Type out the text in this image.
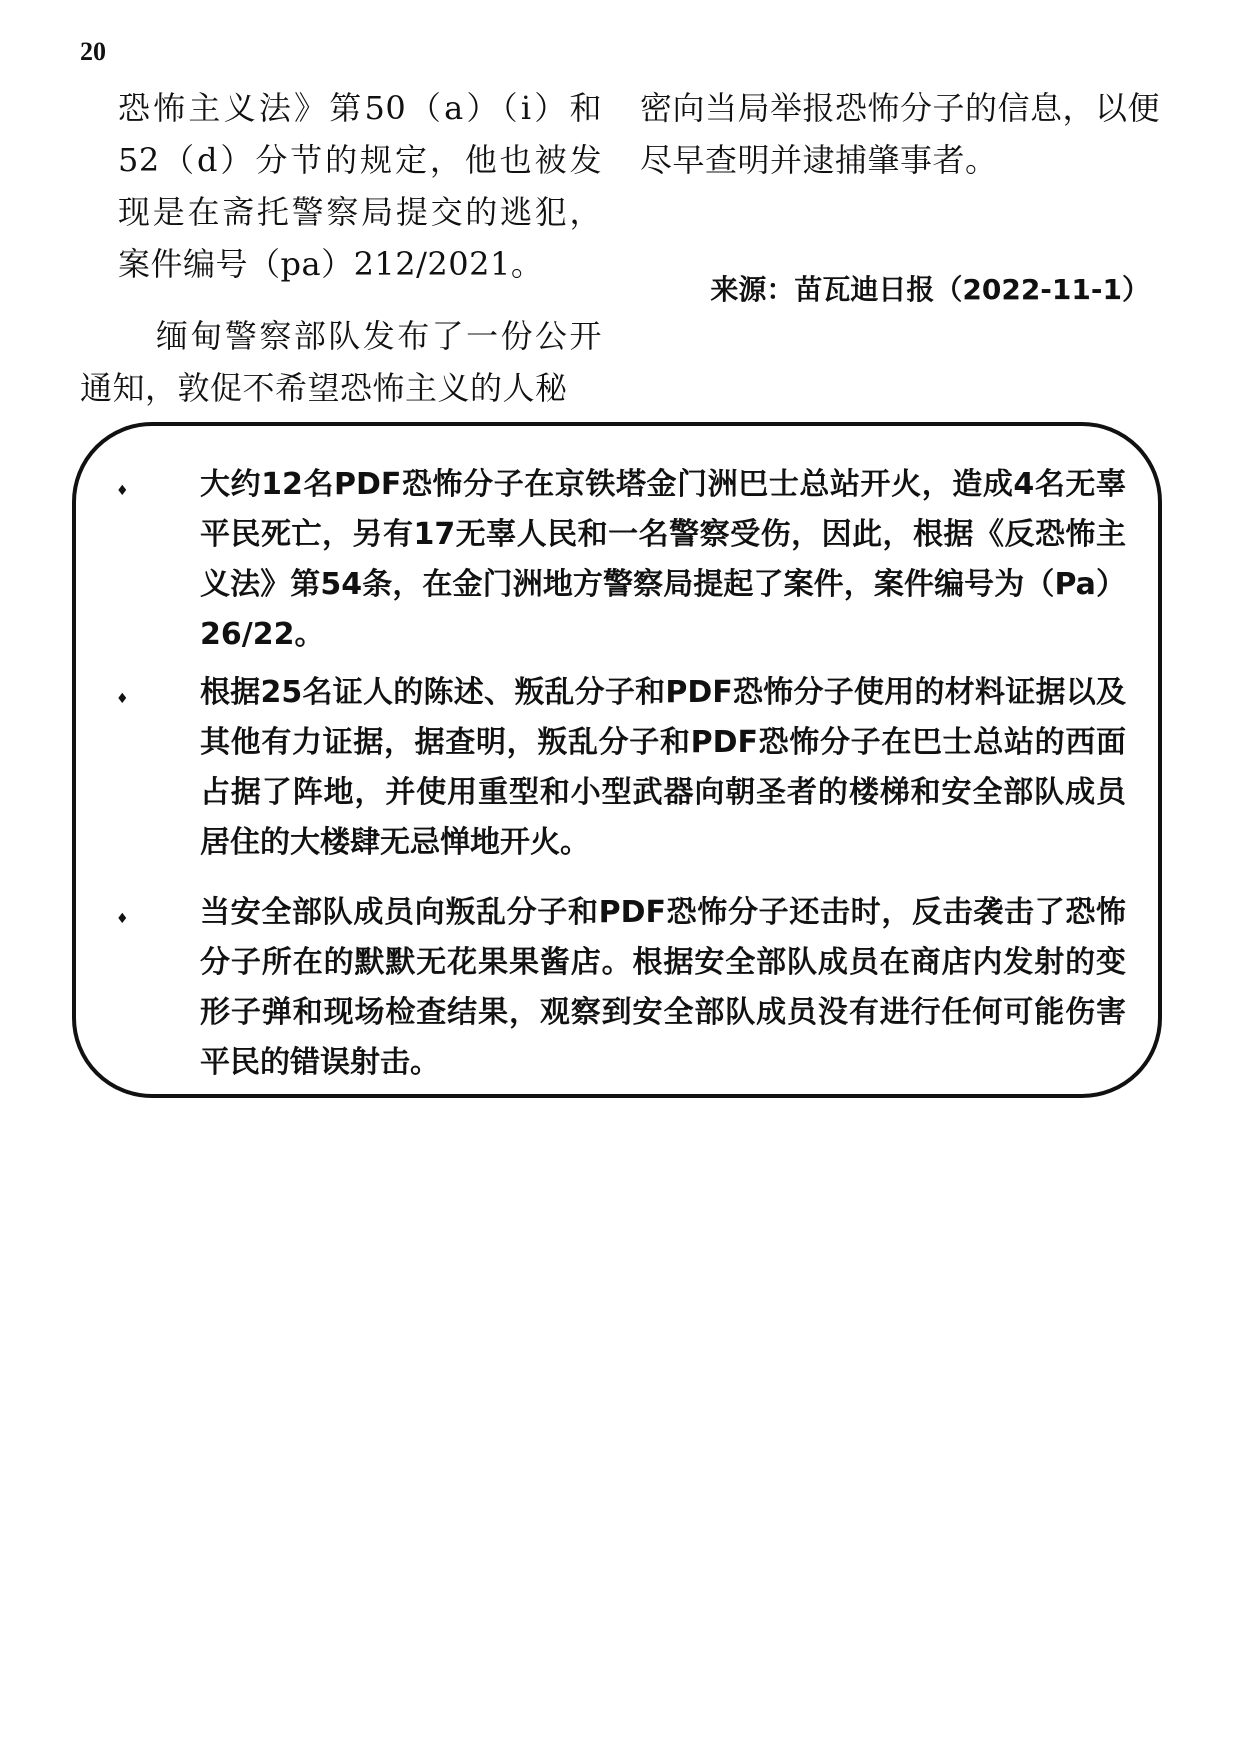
20

恐怖主义法》第50（a）（i）和52（d）分节的规定，他也被发现是在斋托警察局提交的逃犯，案件编号（pa）212/2021。

缅甸警察部队发布了一份公开通知，敦促不希望恐怖主义的人秘

密向当局举报恐怖分子的信息，以便尽早查明并逮捕肇事者。

来源：苗瓦迪日报（2022-11-1）
♦ 大约12名PDF恐怖分子在京铁塔金门洲巴士总站开火，造成4名无辜平民死亡，另有17无辜人民和一名警察受伤，因此，根据《反恐怖主义法》第54条，在金门洲地方警察局提起了案件，案件编号为（Pa）26/22。
♦ 根据25名证人的陈述、叛乱分子和PDF恐怖分子使用的材料证据以及其他有力证据，据查明，叛乱分子和PDF恐怖分子在巴士总站的西面占据了阵地，并使用重型和小型武器向朝圣者的楼梯和安全部队成员居住的大楼肆无忌惮地开火。
♦ 当安全部队成员向叛乱分子和PDF恐怖分子还击时，反击袭击了恐怖分子所在的默默无花果果酱店。根据安全部队成员在商店内发射的变形子弹和现场检查结果，观察到安全部队成员没有进行任何可能伤害平民的错误射击。
